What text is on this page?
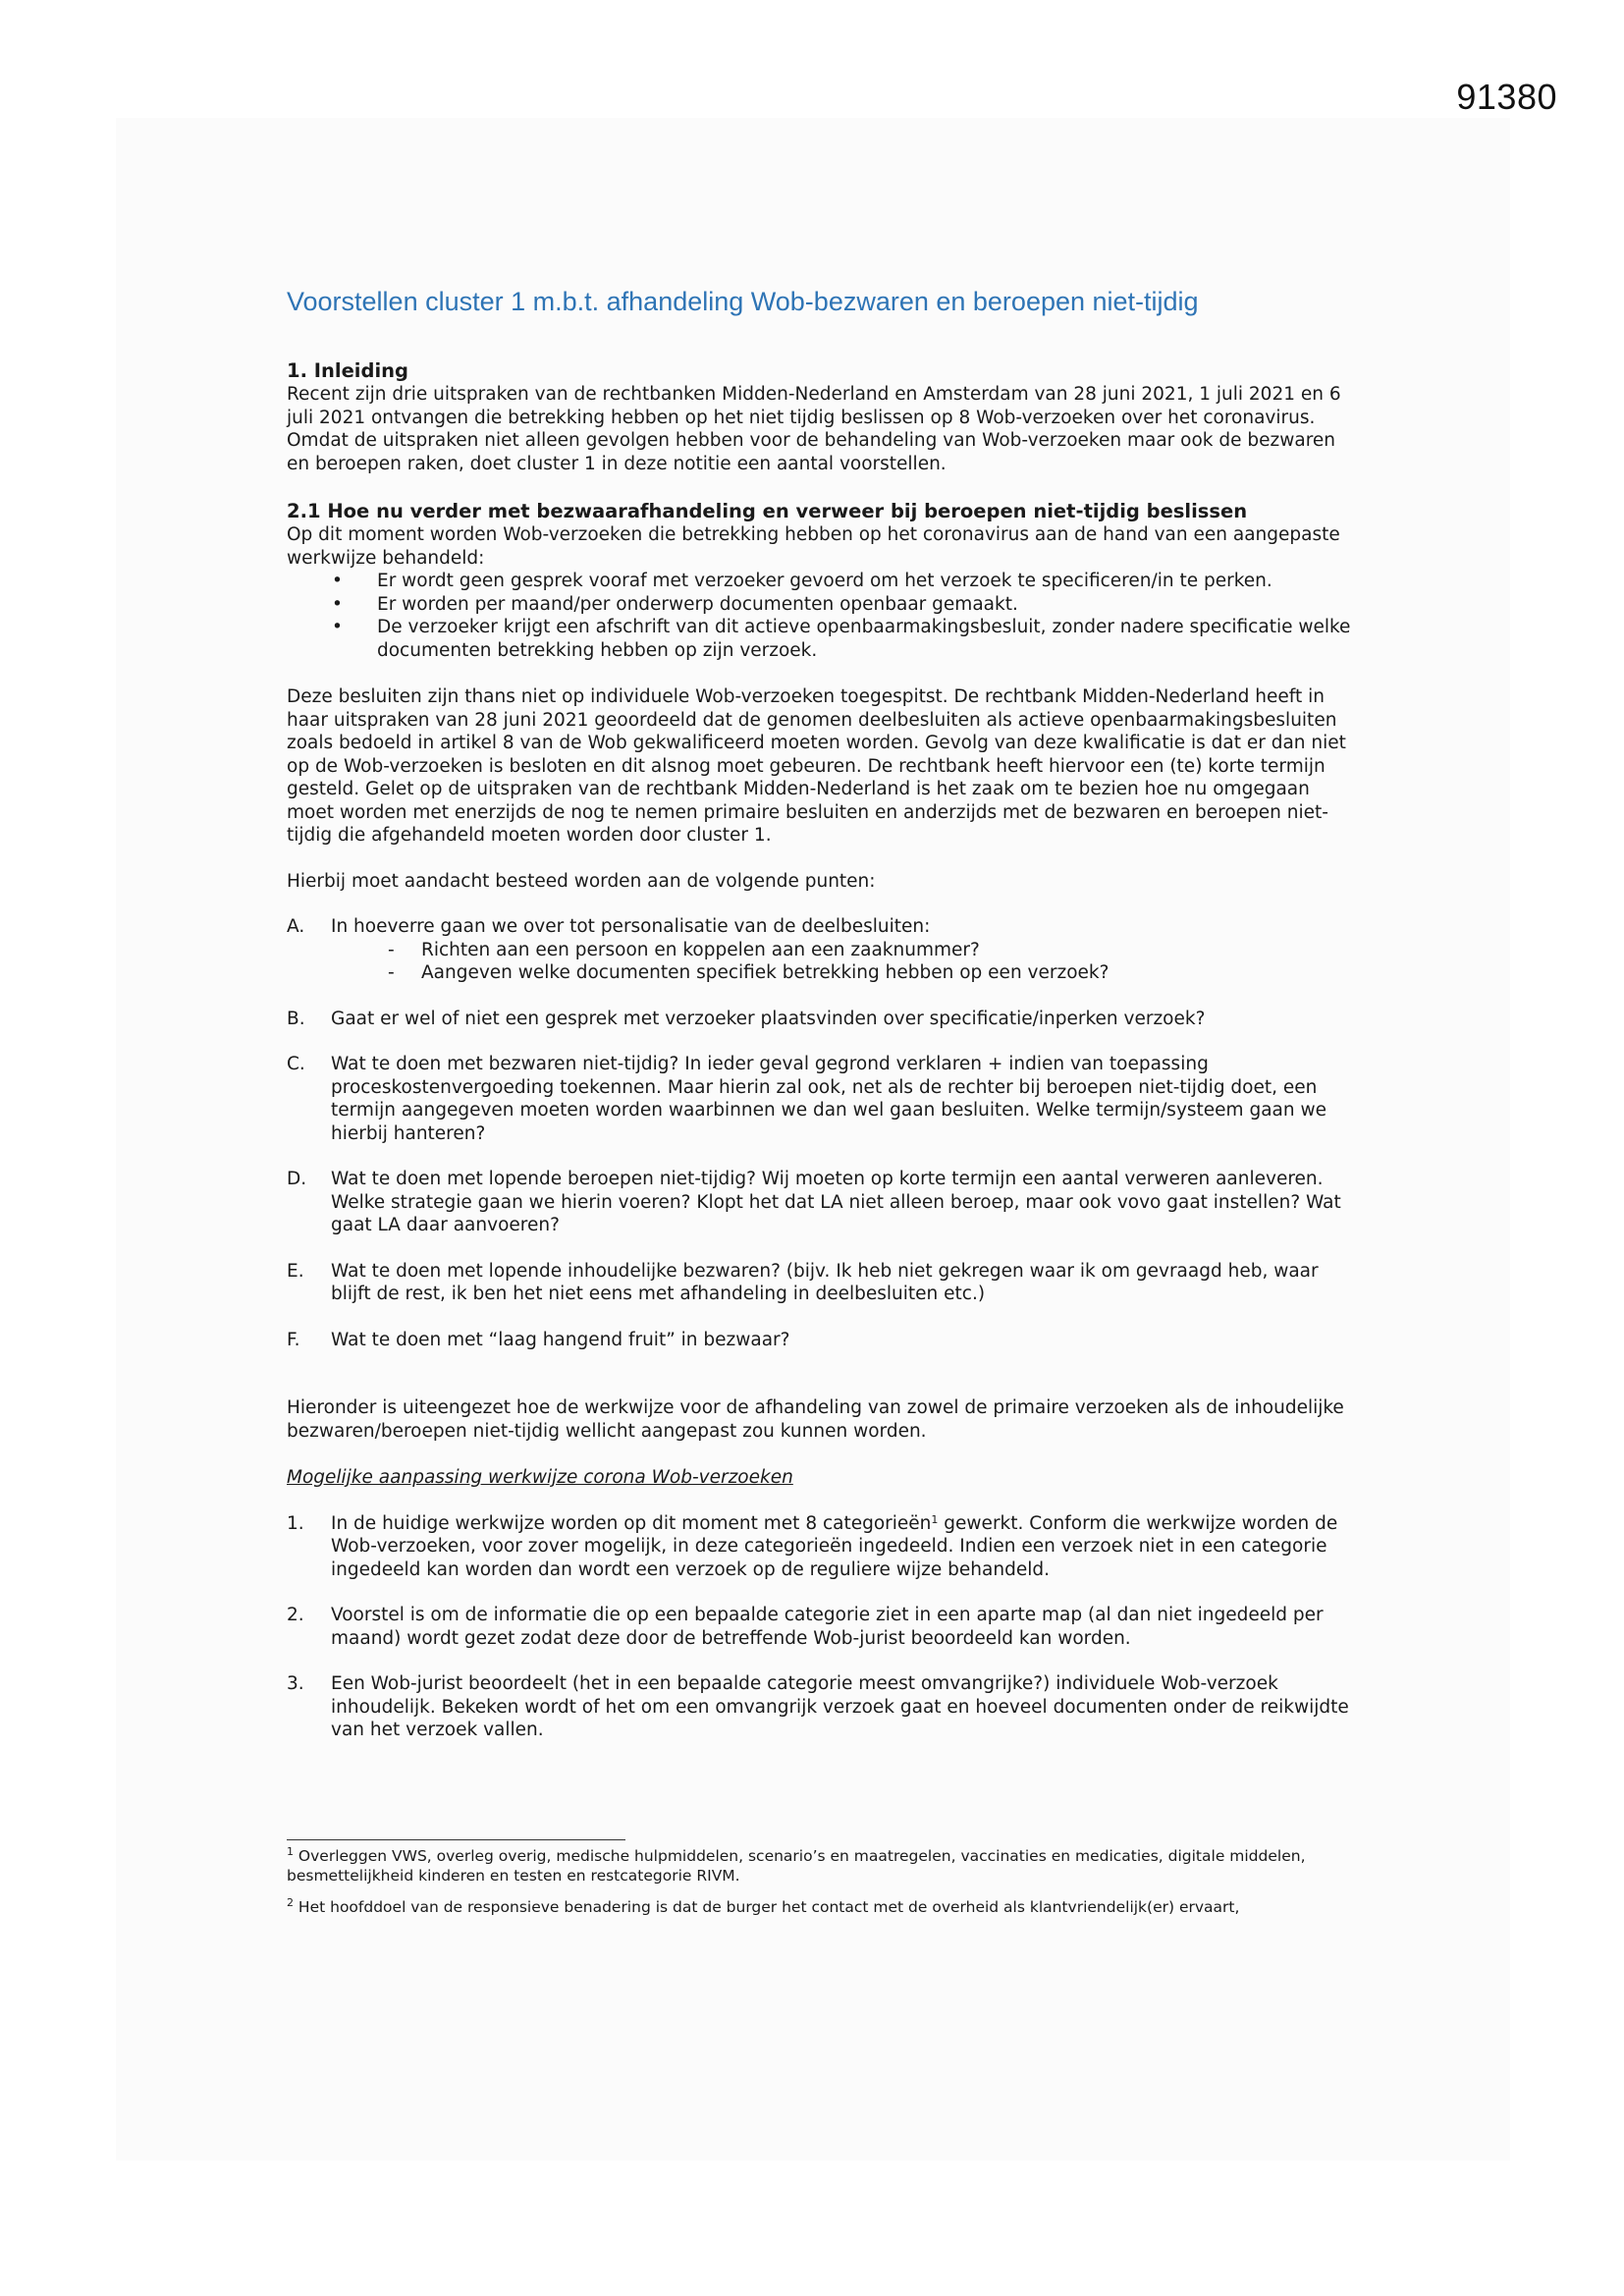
91380
Voorstellen cluster 1 m.b.t. afhandeling Wob-bezwaren en beroepen niet-tijdig
1. Inleiding

Recent zijn drie uitspraken van de rechtbanken Midden-Nederland en Amsterdam van 28 juni 2021, 1 juli 2021 en 6 juli 2021 ontvangen die betrekking hebben op het niet tijdig beslissen op 8 Wob-verzoeken over het coronavirus. Omdat de uitspraken niet alleen gevolgen hebben voor de behandeling van Wob-verzoeken maar ook de bezwaren en beroepen raken, doet cluster 1 in deze notitie een aantal voorstellen.

2.1 Hoe nu verder met bezwaarafhandeling en verweer bij beroepen niet-tijdig beslissen

Op dit moment worden Wob-verzoeken die betrekking hebben op het coronavirus aan de hand van een aangepaste werkwijze behandeld:

• Er wordt geen gesprek vooraf met verzoeker gevoerd om het verzoek te specificeren/in te perken.
• Er worden per maand/per onderwerp documenten openbaar gemaakt.
• De verzoeker krijgt een afschrift van dit actieve openbaarmakingsbesluit, zonder nadere specificatie welke documenten betrekking hebben op zijn verzoek.

Deze besluiten zijn thans niet op individuele Wob-verzoeken toegespitst. De rechtbank Midden-Nederland heeft in haar uitspraken van 28 juni 2021 geoordeeld dat de genomen deelbesluiten als actieve openbaarmakingsbesluiten zoals bedoeld in artikel 8 van de Wob gekwalificeerd moeten worden. Gevolg van deze kwalificatie is dat er dan niet op de Wob-verzoeken is besloten en dit alsnog moet gebeuren. De rechtbank heeft hiervoor een (te) korte termijn gesteld. Gelet op de uitspraken van de rechtbank Midden-Nederland is het zaak om te bezien hoe nu omgegaan moet worden met enerzijds de nog te nemen primaire besluiten en anderzijds met de bezwaren en beroepen niet-tijdig die afgehandeld moeten worden door cluster 1.

Hierbij moet aandacht besteed worden aan de volgende punten:

A. In hoeverre gaan we over tot personalisatie van de deelbesluiten:
- Richten aan een persoon en koppelen aan een zaaknummer?
- Aangeven welke documenten specifiek betrekking hebben op een verzoek?
B. Gaat er wel of niet een gesprek met verzoeker plaatsvinden over specificatie/inperken verzoek?
C. Wat te doen met bezwaren niet-tijdig? In ieder geval gegrond verklaren + indien van toepassing proceskostenvergoeding toekennen. Maar hierin zal ook, net als de rechter bij beroepen niet-tijdig doet, een termijn aangegeven moeten worden waarbinnen we dan wel gaan besluiten. Welke termijn/systeem gaan we hierbij hanteren?
D. Wat te doen met lopende beroepen niet-tijdig? Wij moeten op korte termijn een aantal verweren aanleveren. Welke strategie gaan we hierin voeren? Klopt het dat LA niet alleen beroep, maar ook vovo gaat instellen? Wat gaat LA daar aanvoeren?
E. Wat te doen met lopende inhoudelijke bezwaren? (bijv. Ik heb niet gekregen waar ik om gevraagd heb, waar blijft de rest, ik ben het niet eens met afhandeling in deelbesluiten etc.)
F. Wat te doen met “laag hangend fruit” in bezwaar?

Hieronder is uiteengezet hoe de werkwijze voor de afhandeling van zowel de primaire verzoeken als de inhoudelijke bezwaren/beroepen niet-tijdig wellicht aangepast zou kunnen worden.

Mogelijke aanpassing werkwijze corona Wob-verzoeken
1. In de huidige werkwijze worden op dit moment met 8 categorieën$^1$ gewerkt. Conform die werkwijze worden de Wob-verzoeken, voor zover mogelijk, in deze categorieën ingedeeld. Indien een verzoek niet in een categorie ingedeeld kan worden dan wordt een verzoek op de reguliere wijze behandeld.
2. Voorstel is om de informatie die op een bepaalde categorie ziet in een aparte map (al dan niet ingedeeld per maand) wordt gezet zodat deze door de betreffende Wob-jurist beoordeeld kan worden.
3. Een Wob-jurist beoordeelt (het in een bepaalde categorie meest omvangrijke?) individuele Wob-verzoek inhoudelijk. Bekeken wordt of het om een omvangrijk verzoek gaat en hoeveel documenten onder de reikwijdte van het verzoek vallen.

$^1$ Overleggen VWS, overleg overig, medische hulpmiddelen, scenario’s en maatregelen, vaccinaties en medicaties, digitale middelen, besmettelijkheid kinderen en testen en restcategorie RIVM.

$^2$ Het hoofddoel van de responsieve benadering is dat de burger het contact met de overheid als klantvriendelijk(er) ervaart,
